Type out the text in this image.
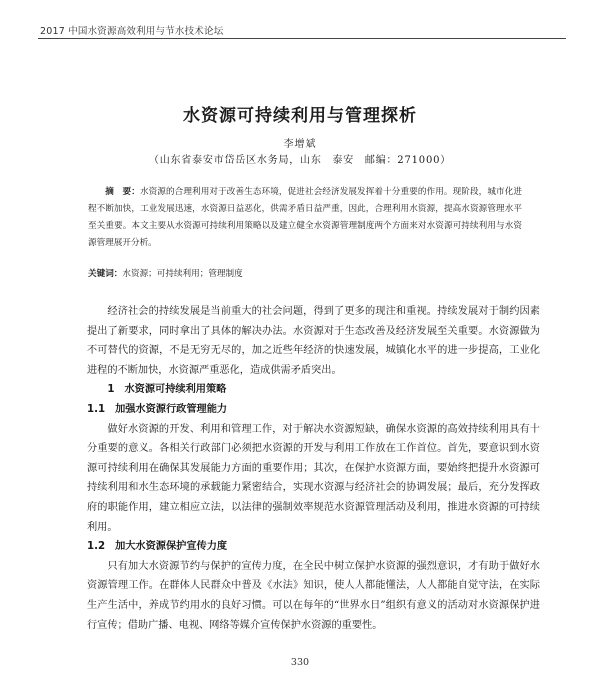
2017 中国水资源高效利用与节水技术论坛
水资源可持续利用与管理探析
李增斌
（山东省泰安市岱岳区水务局，山东　泰安　邮编：271000）
摘　要：水资源的合理利用对于改善生态环境，促进社会经济发展发挥着十分重要的作用。现阶段，城市化进程不断加快，工业发展迅速，水资源日益恶化，供需矛盾日益严重，因此，合理利用水资源，提高水资源管理水平至关重要。本文主要从水资源可持续利用策略以及建立健全水资源管理制度两个方面来对水资源可持续利用与水资源管理展开分析。
关键词：水资源；可持续利用；管理制度

经济社会的持续发展是当前重大的社会问题，得到了更多的现注和重视。持续发展对于制约因素提出了新要求，同时拿出了具体的解决办法。水资源对于生态改善及经济发展至关重要。水资源做为不可替代的资源，不是无穷无尽的，加之近些年经济的快速发展，城镇化水平的进一步提高，工业化进程的不断加快，水资源严重恶化，造成供需矛盾突出。

1 水资源可持续利用策略
1.1 加强水资源行政管理能力

做好水资源的开发、利用和管理工作，对于解决水资源短缺，确保水资源的高效持续利用具有十分重要的意义。各相关行政部门必须把水资源的开发与利用工作放在工作首位。首先，要意识到水资源可持续利用在确保其发展能力方面的重要作用；其次，在保护水资源方面，要始终把提升水资源可持续利用和水生态环境的承载能力紧密结合，实现水资源与经济社会的协调发展；最后，充分发挥政府的职能作用，建立相应立法，以法律的强制效率规范水资源管理活动及利用，推进水资源的可持续利用。

1.2 加大水资源保护宣传力度

只有加大水资源节约与保护的宣传力度，在全民中树立保护水资源的强烈意识，才有助于做好水资源管理工作。在群体人民群众中普及《水法》知识，使人人都能懂法，人人都能自觉守法，在实际生产生活中，养成节约用水的良好习惯。可以在每年的“世界水日”组织有意义的活动对水资源保护进行宣传；借助广播、电视、网络等媒介宣传保护水资源的重要性。

330
